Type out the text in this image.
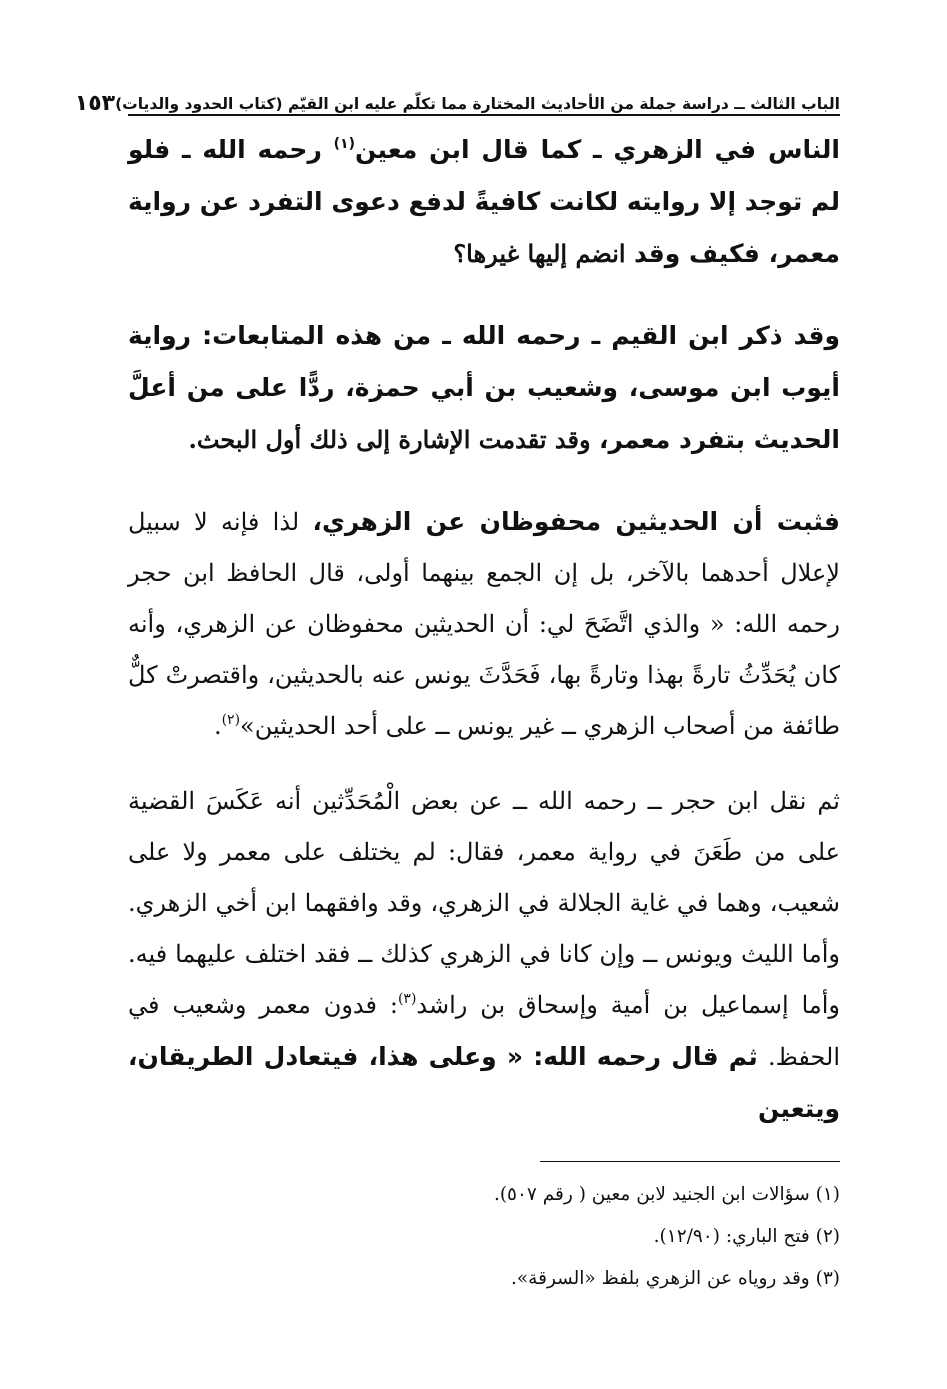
الباب الثالث ــ دراسة جملة من الأحاديث المختارة مما تكلّم عليه ابن القيّم (كتاب الحدود والديات)
١٥٣

الناس في الزهري ـ كما قال ابن معين$^{(١)}$ رحمه الله ـ فلو لم توجد إلا روايته لكانت كافيةً لدفع دعوى التفرد عن رواية معمر، فكيف وقد انضم إليها غيرها؟

وقد ذكر ابن القيم ـ رحمه الله ـ من هذه المتابعات: رواية أيوب ابن موسى، وشعيب بن أبي حمزة، ردًّا على من أعلَّ الحديث بتفرد معمر، وقد تقدمت الإشارة إلى ذلك أول البحث.

فثبت أن الحديثين محفوظان عن الزهري، لذا فإنه لا سبيل لإعلال أحدهما بالآخر، بل إن الجمع بينهما أولى، قال الحافظ ابن حجر رحمه الله: « والذي اتَّضَحَ لي: أن الحديثين محفوظان عن الزهري، وأنه كان يُحَدِّثُ تارةً بهذا وتارةً بها، فَحَدَّثَ يونس عنه بالحديثين، واقتصرتْ كلٌّ طائفة من أصحاب الزهري ــ غير يونس ــ على أحد الحديثين»$^{(٢)}$.

ثم نقل ابن حجر ــ رحمه الله ــ عن بعض الْمُحَدِّثين أنه عَكَسَ القضية على من طَعَنَ في رواية معمر، فقال: لم يختلف على معمر ولا على شعيب، وهما في غاية الجلالة في الزهري، وقد وافقهما ابن أخي الزهري. وأما الليث ويونس ــ وإن كانا في الزهري كذلك ــ فقد اختلف عليهما فيه. وأما إسماعيل بن أمية وإسحاق بن راشد$^{(٣)}$: فدون معمر وشعيب في الحفظ. ثم قال رحمه الله: « وعلى هذا، فيتعادل الطريقان، ويتعين

(١) سؤالات ابن الجنيد لابن معين ( رقم ٥٠٧).
(٢) فتح الباري: (١٢/٩٠).
(٣) وقد روياه عن الزهري بلفظ «السرقة».
